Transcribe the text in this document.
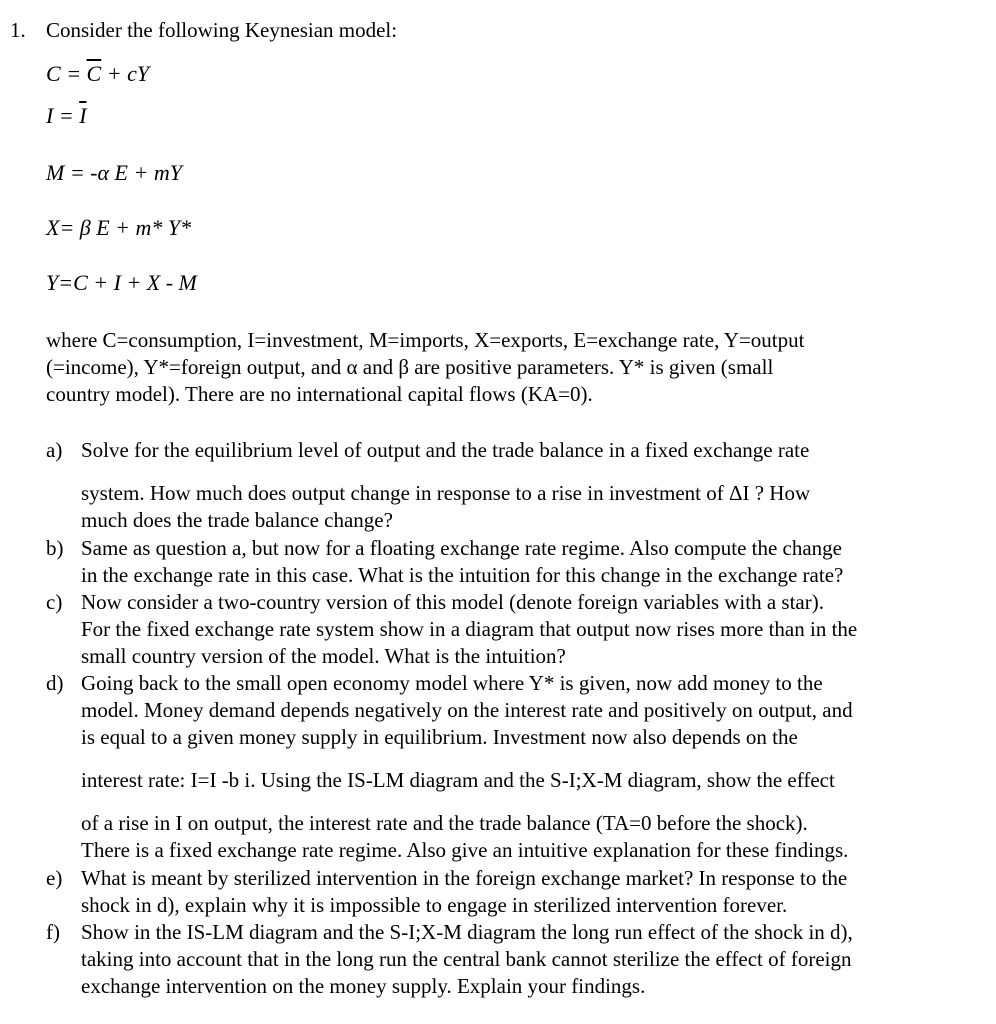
1. Consider the following Keynesian model:
$C = \overline{C}$ + cY
$I = \overline{I}$
M = -α E + mY
X= β E + m* Y*
Y=C + I + X - M
where C=consumption, I=investment, M=imports, X=exports, E=exchange rate, Y=output
(=income), Y*=foreign output, and α and β are positive parameters. Y* is given (small
country model). There are no international capital flows (KA=0).
a) Solve for the equilibrium level of output and the trade balance in a fixed exchange rate
system. How much does output change in response to a rise in investment of ΔI ? How
much does the trade balance change?
b) Same as question a, but now for a floating exchange rate regime. Also compute the change
in the exchange rate in this case. What is the intuition for this change in the exchange rate?
c) Now consider a two-country version of this model (denote foreign variables with a star).
For the fixed exchange rate system show in a diagram that output now rises more than in the
small country version of the model. What is the intuition?
d) Going back to the small open economy model where Y* is given, now add money to the
model. Money demand depends negatively on the interest rate and positively on output, and
is equal to a given money supply in equilibrium. Investment now also depends on the
interest rate: I=I -b i. Using the IS-LM diagram and the S-I;X-M diagram, show the effect
of a rise in I on output, the interest rate and the trade balance (TA=0 before the shock).
There is a fixed exchange rate regime. Also give an intuitive explanation for these findings.
e) What is meant by sterilized intervention in the foreign exchange market? In response to the
shock in d), explain why it is impossible to engage in sterilized intervention forever.
f) Show in the IS-LM diagram and the S-I;X-M diagram the long run effect of the shock in d),
taking into account that in the long run the central bank cannot sterilize the effect of foreign
exchange intervention on the money supply. Explain your findings.
